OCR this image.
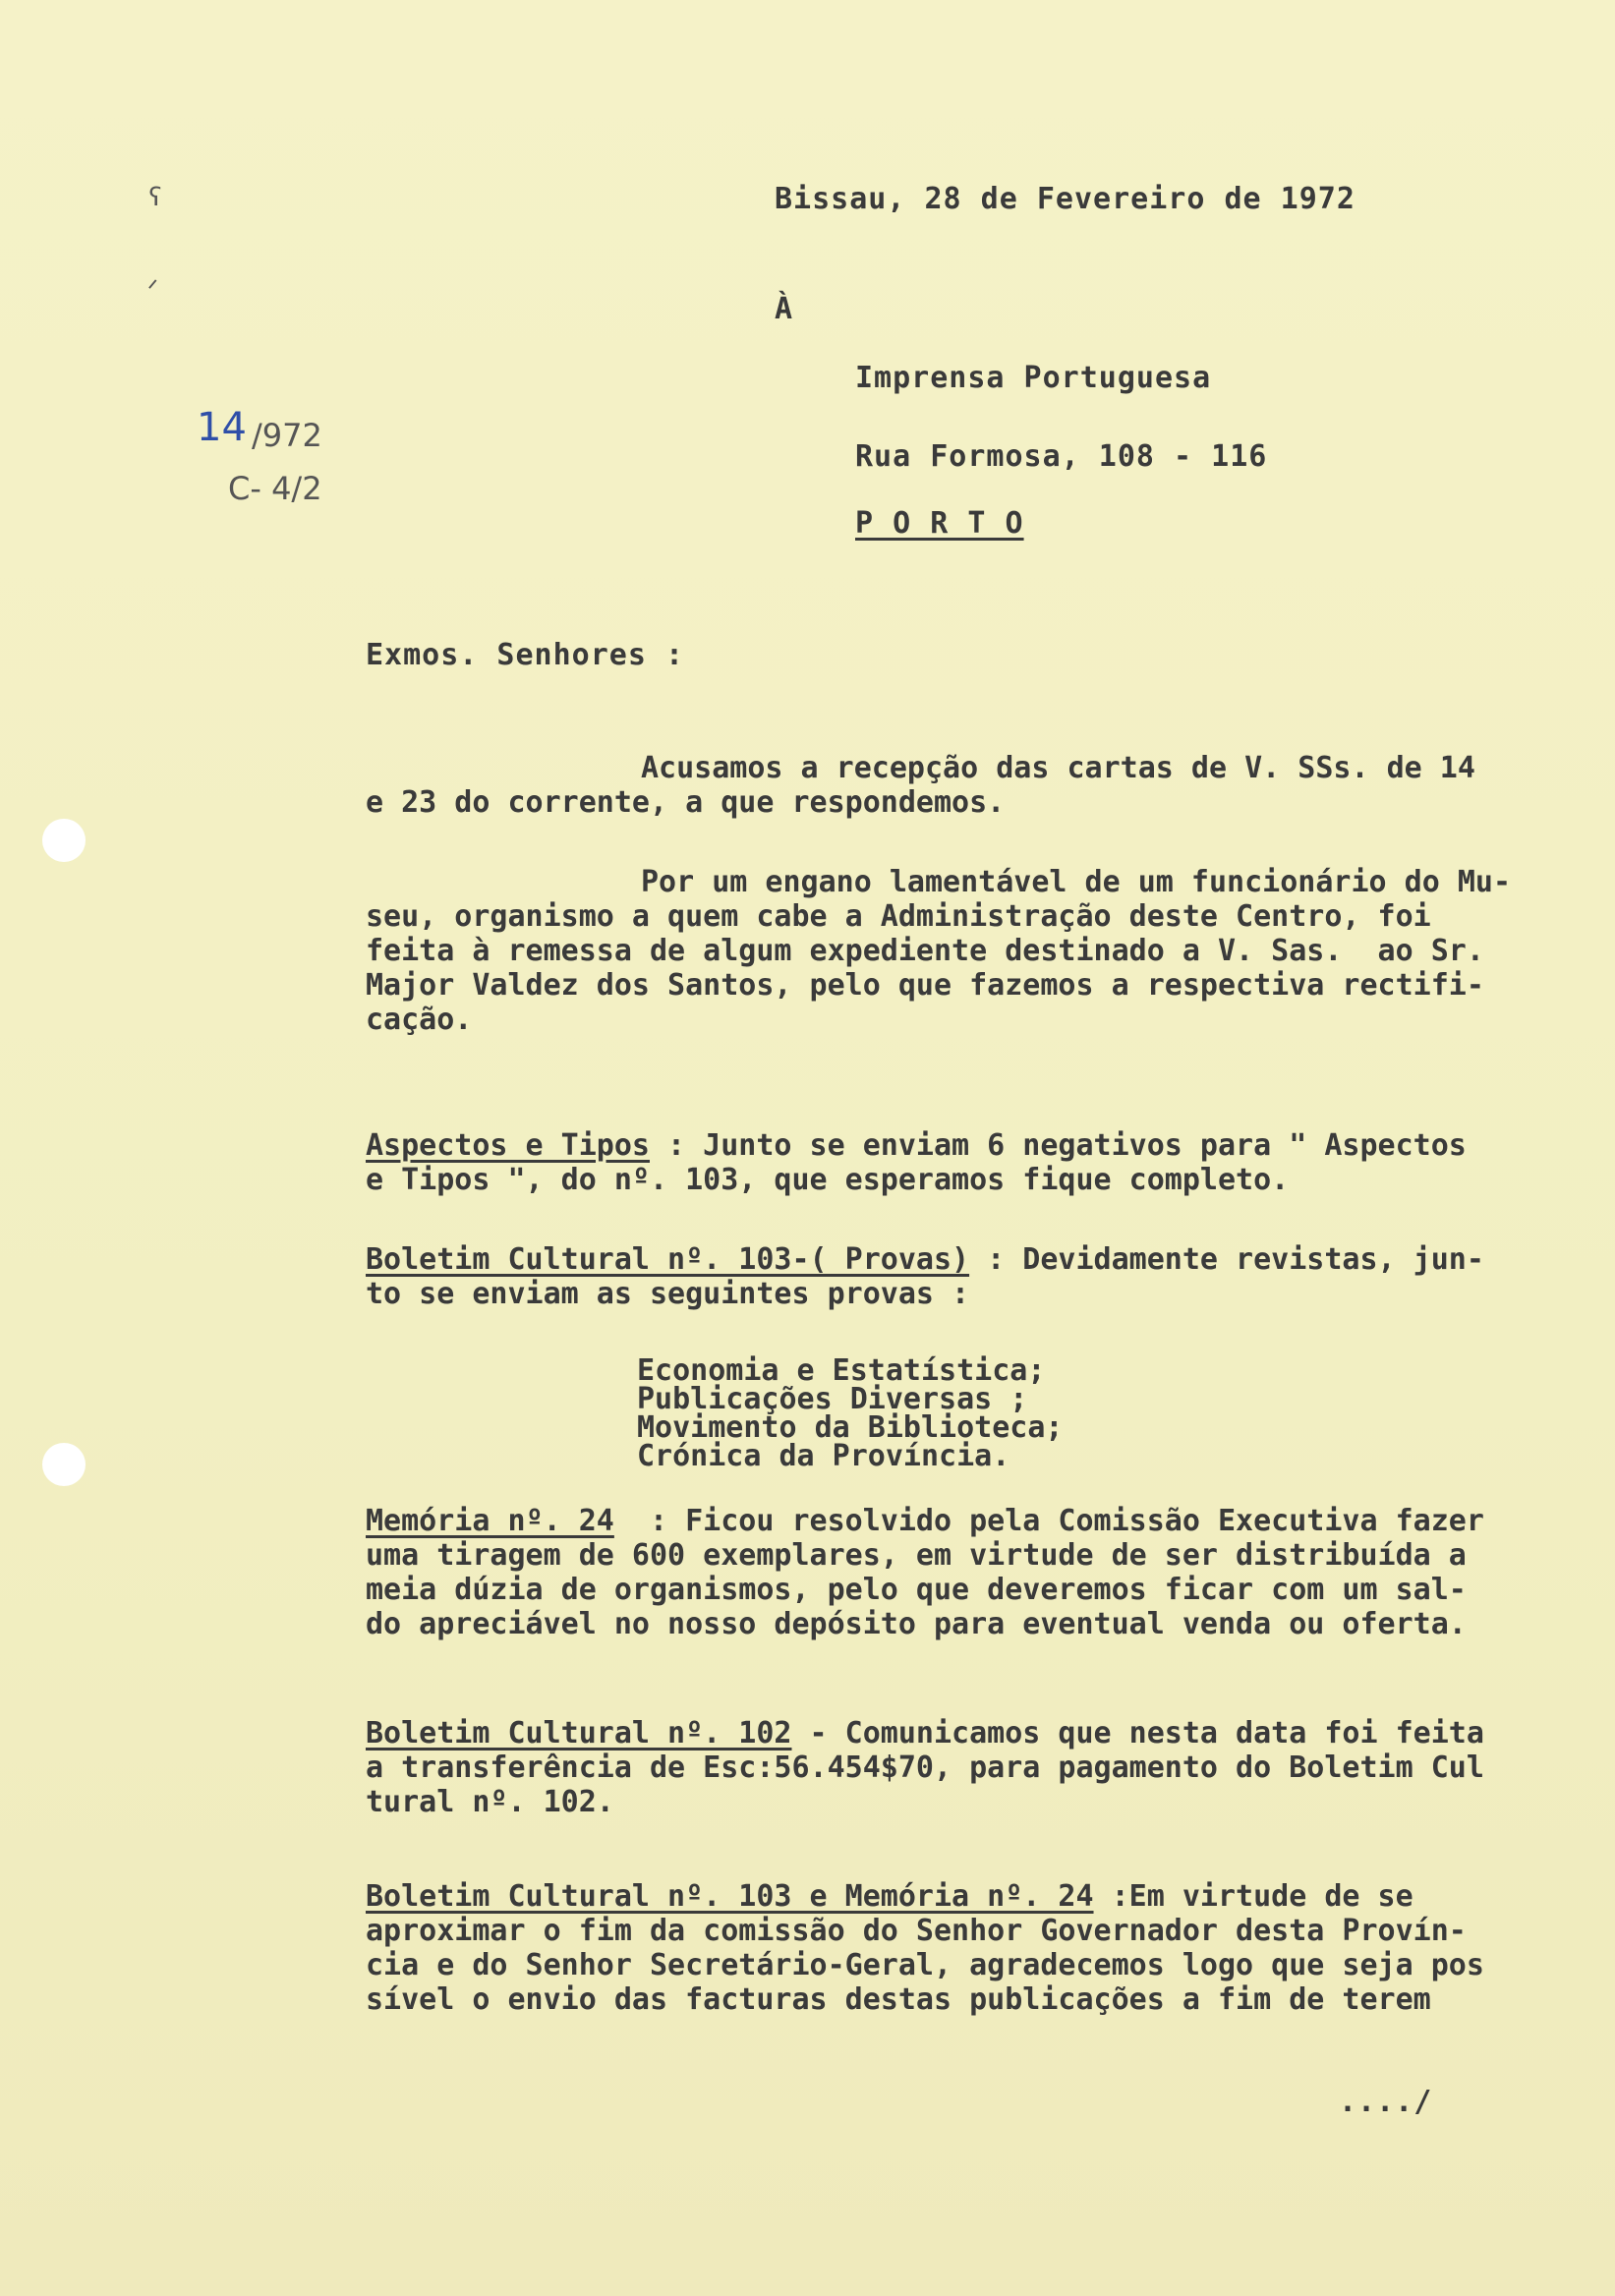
ʕ
ᐟ
Bissau, 28 de Fevereiro de 1972
À
Imprensa Portuguesa
Rua Formosa, 108 - 116
P O R T O
14 /972
C- 4/2
Exmos. Senhores :
Acusamos a recepção das cartas de V. SSs. de 14
e 23 do corrente, a que respondemos.
Por um engano lamentável de um funcionário do Mu-
seu, organismo a quem cabe a Administração deste Centro, foi
feita à remessa de algum expediente destinado a V. Sas.  ao Sr.
Major Valdez dos Santos, pelo que fazemos a respectiva rectifi-
cação.
Aspectos e Tipos : Junto se enviam 6 negativos para " Aspectos
e Tipos ", do nº. 103, que esperamos fique completo.
Boletim Cultural nº. 103-( Provas) : Devidamente revistas, jun-
to se enviam as seguintes provas :
Economia e Estatística;
Publicações Diversas ;
Movimento da Biblioteca;
Crónica da Província.
Memória nº. 24  : Ficou resolvido pela Comissão Executiva fazer
uma tiragem de 600 exemplares, em virtude de ser distribuída a
meia dúzia de organismos, pelo que deveremos ficar com um sal-
do apreciável no nosso depósito para eventual venda ou oferta.
Boletim Cultural nº. 102 - Comunicamos que nesta data foi feita
a transferência de Esc:56.454$70, para pagamento do Boletim Cul
tural nº. 102.
Boletim Cultural nº. 103 e Memória nº. 24 :Em virtude de se
aproximar o fim da comissão do Senhor Governador desta Provín-
cia e do Senhor Secretário-Geral, agradecemos logo que seja pos
sível o envio das facturas destas publicações a fim de terem
..../
